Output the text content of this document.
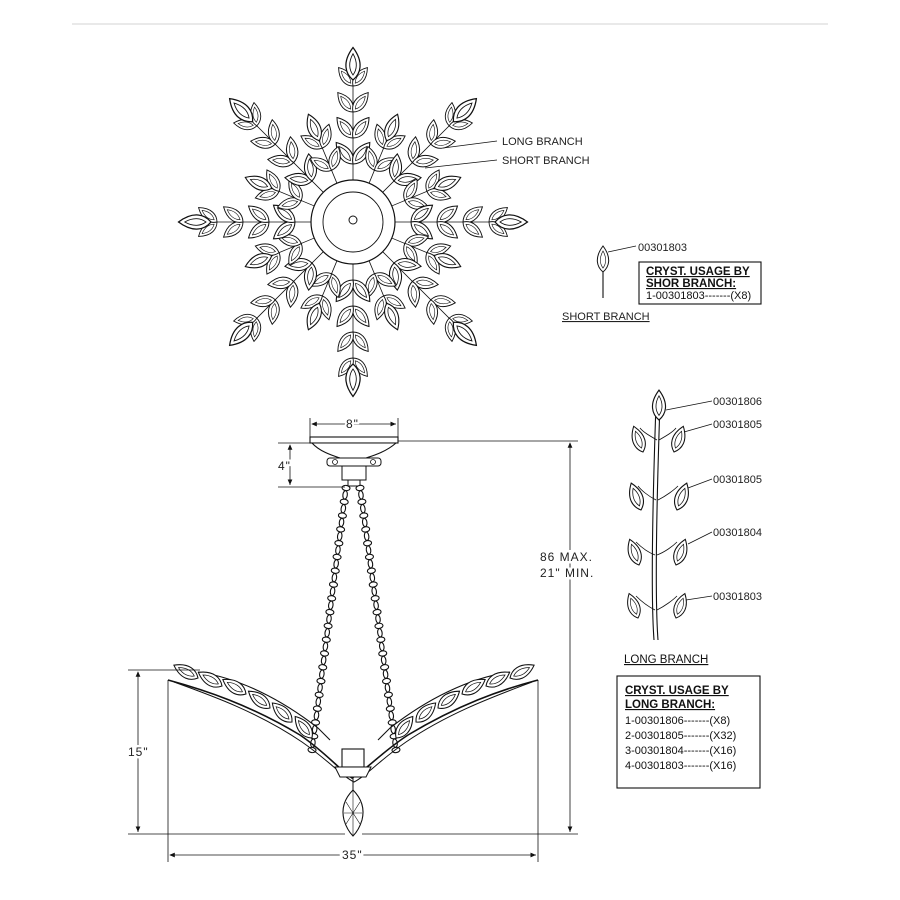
LONG BRANCH
SHORT BRANCH
00301803
SHORT BRANCH
CRYST. USAGE BY
SHOR BRANCH:
1-00301803-------(X8)
00301806
00301805
00301805
00301804
00301803
LONG BRANCH
CRYST. USAGE BY
LONG BRANCH:
1-00301806-------(X8)
2-00301805-------(X32)
3-00301804-------(X16)
4-00301803-------(X16)
8"
4"
86 MAX.
21" MIN.
15"
35"
